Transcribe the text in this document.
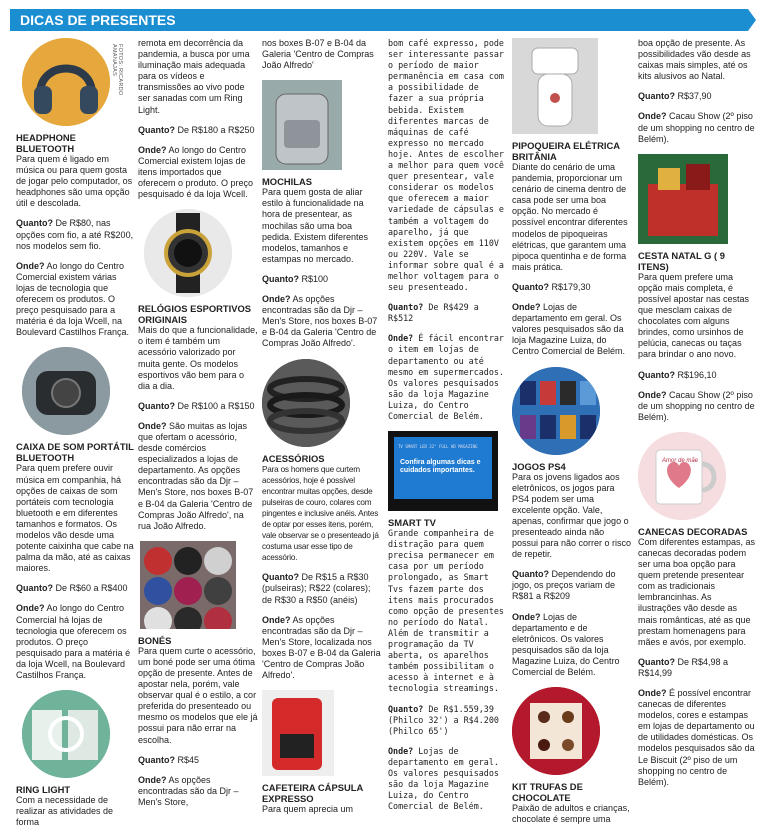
DICAS DE PRESENTES
FOTOS: RICARDO AMANAJAS
HEADPHONE BLUETOOTH

Para quem é ligado em música ou para quem gosta de jogar pelo computador, os headphones são uma opção útil e descolada.

Quanto? De R$80, nas opções com fio, a até R$200, nos modelos sem fio.

Onde? Ao longo do Centro Comercial existem várias lojas de tecnologia que oferecem os produtos. O preço pesquisado para a matéria é da loja Wcell, na Boulevard Castilhos França.

CAIXA DE SOM PORTÁTIL BLUETOOTH

Para quem prefere ouvir música em companhia, há opções de caixas de som portáteis com tecnologia bluetooth e em diferentes tamanhos e formatos. Os modelos vão desde uma potente caixinha que cabe na palma da mão, até as caixas maiores.

Quanto? De R$60 a R$400

Onde? Ao longo do Centro Comercial há lojas de tecnologia que oferecem os produtos. O preço pesquisado para a matéria é da loja Wcell, na Boulevard Castilhos França.

RING LIGHT

Com a necessidade de realizar as atividades de forma

remota em decorrência da pandemia, a busca por uma iluminação mais adequada para os vídeos e transmissões ao vivo pode ser sanadas com um Ring Light.

Quanto? De R$180 a R$250

Onde? Ao longo do Centro Comercial existem lojas de itens importados que oferecem o produto. O preço pesquisado é da loja Wcell.

RELÓGIOS ESPORTIVOS ORIGINAIS

Mais do que a funcionalidade, o item é também um acessório valorizado por muita gente. Os modelos esportivos vão bem para o dia a dia.

Quanto? De R$100 a R$150

Onde? São muitas as lojas que ofertam o acessório, desde comércios especializados a lojas de departamento. As opções encontradas são da Djr – Men's Store, nos boxes B-07 e B-04 da Galeria 'Centro de Compras João Alfredo', na rua João Alfredo.

BONÉS

Para quem curte o acessório, um boné pode ser uma ótima opção de presente. Antes de apostar nela, porém, vale observar qual é o estilo, a cor preferida do presenteado ou mesmo os modelos que ele já possui para não errar na escolha.

Quanto? R$45

Onde? As opções encontradas são da Djr – Men's Store,

nos boxes B-07 e B-04 da Galeria 'Centro de Compras João Alfredo'

MOCHILAS

Para quem gosta de aliar estilo à funcionalidade na hora de presentear, as mochilas são uma boa pedida. Existem diferentes modelos, tamanhos e estampas no mercado.

Quanto? R$100

Onde? As opções encontradas são da Djr – Men's Store, nos boxes B-07 e B-04 da Galeria 'Centro de Compras João Alfredo'.

ACESSÓRIOS

Para os homens que curtem acessórios, hoje é possível encontrar muitas opções, desde pulseiras de couro, colares com pingentes e inclusive anéis. Antes de optar por esses itens, porém, vale observar se o presenteado já costuma usar esse tipo de acessório.

Quanto? De R$15 a R$30 (pulseiras); R$22 (colares); de R$30 a R$50 (anéis)

Onde? As opções encontradas são da Djr – Men's Store, localizada nos boxes B-07 e B-04 da Galeria 'Centro de Compras João Alfredo'.

CAFETEIRA CÁPSULA EXPRESSO

Para quem aprecia um

bom café expresso, pode ser interessante passar o período de maior permanência em casa com a possibilidade de fazer a sua própria bebida. Existem diferentes marcas de máquinas de café expresso no mercado hoje. Antes de escolher a melhor para quem você quer presentear, vale considerar os modelos que oferecem a maior variedade de cápsulas e também a voltagem do aparelho, já que existem opções em 110V ou 220V. Vale se informar sobre qual é a melhor voltagem para o seu presenteado.

Quanto? De R$429 a R$512

Onde? É fácil encontrar o item em lojas de departamento ou até mesmo em supermercados. Os valores pesquisados são da loja Magazine Luiza, do Centro Comercial de Belém.

TV SMART LED 32" FULL HD MAGAZINE
Confira algumas dicas e cuidados importantes.
SMART TV

Grande companheira de distração para quem precisa permanecer em casa por um período prolongado, as Smart Tvs fazem parte dos itens mais procurados como opção de presentes no período do Natal. Além de transmitir a programação da TV aberta, os aparelhos também possibilitam o acesso à internet e à tecnologia streamings.

Quanto? De R$1.559,39 (Philco 32') a R$4.200 (Philco 65')

Onde? Lojas de departamento em geral. Os valores pesquisados são da loja Magazine Luiza, do Centro Comercial de Belém.

PIPOQUEIRA ELÉTRICA BRITÂNIA

Diante do cenário de uma pandemia, proporcionar um cenário de cinema dentro de casa pode ser uma boa opção. No mercado é possível encontrar diferentes modelos de pipoqueiras elétricas, que garantem uma pipoca quentinha e de forma mais prática.

Quanto? R$179,30

Onde? Lojas de departamento em geral. Os valores pesquisados são da loja Magazine Luiza, do Centro Comercial de Belém.

JOGOS PS4

Para os jovens ligados aos eletrônicos, os jogos para PS4 podem ser uma excelente opção. Vale, apenas, confirmar que jogo o presenteado ainda não possui para não correr o risco de repetir.

Quanto? Dependendo do jogo, os preços variam de R$81 a R$209

Onde? Lojas de departamento e de eletrônicos. Os valores pesquisados são da loja Magazine Luiza, do Centro Comercial de Belém.

KIT TRUFAS DE CHOCOLATE

Paixão de adultos e crianças, chocolate é sempre uma

boa opção de presente. As possibilidades vão desde as caixas mais simples, até os kits alusivos ao Natal.

Quanto? R$37,90

Onde? Cacau Show (2º piso de um shopping no centro de Belém).

CESTA NATAL G ( 9 ITENS)

Para quem prefere uma opção mais completa, é possível apostar nas cestas que mesclam caixas de chocolates com alguns brindes, como ursinhos de pelúcia, canecas ou taças para brindar o ano novo.

Quanto? R$196,10

Onde? Cacau Show (2º piso de um shopping no centro de Belém).

Amor de mãe
CANECAS DECORADAS

Com diferentes estampas, as canecas decoradas podem ser uma boa opção para quem pretende presentear com as tradicionais lembrancinhas. As ilustrações vão desde as mais românticas, até as que prestam homenagens para mães e avós, por exemplo.

Quanto? De R$4,98 a R$14,99

Onde? É possível encontrar canecas de diferentes modelos, cores e estampas em lojas de departamento ou de utilidades domésticas. Os modelos pesquisados são da Le Biscuit (2º piso de um shopping no centro de Belém).
